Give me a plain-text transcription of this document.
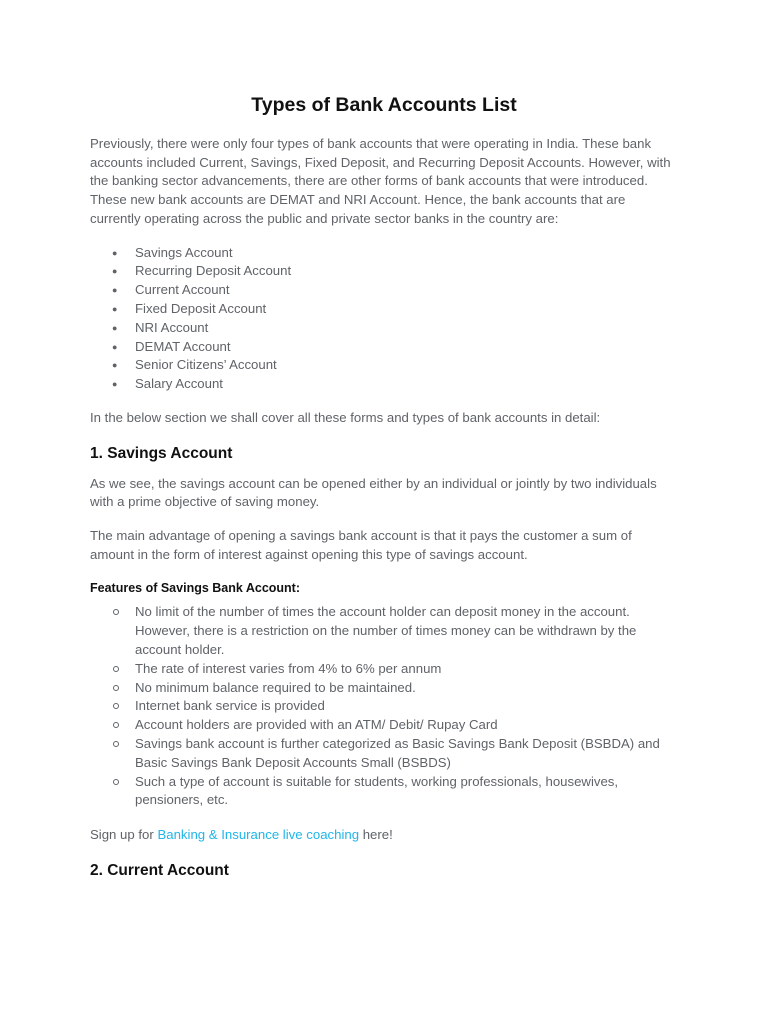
Types of Bank Accounts List

Previously, there were only four types of bank accounts that were operating in India. These bank accounts included Current, Savings, Fixed Deposit, and Recurring Deposit Accounts. However, with the banking sector advancements, there are other forms of bank accounts that were introduced. These new bank accounts are DEMAT and NRI Account. Hence, the bank accounts that are currently operating across the public and private sector banks in the country are:

● Savings Account
● Recurring Deposit Account
● Current Account
● Fixed Deposit Account
● NRI Account
● DEMAT Account
● Senior Citizens’ Account
● Salary Account

In the below section we shall cover all these forms and types of bank accounts in detail:

1. Savings Account

As we see, the savings account can be opened either by an individual or jointly by two individuals with a prime objective of saving money.

The main advantage of opening a savings bank account is that it pays the customer a sum of amount in the form of interest against opening this type of savings account.

Features of Savings Bank Account:
No limit of the number of times the account holder can deposit money in the account. However, there is a restriction on the number of times money can be withdrawn by the account holder.
The rate of interest varies from 4% to 6% per annum
No minimum balance required to be maintained.
Internet bank service is provided
Account holders are provided with an ATM/ Debit/ Rupay Card
Savings bank account is further categorized as Basic Savings Bank Deposit (BSBDA) and Basic Savings Bank Deposit Accounts Small (BSBDS)
Such a type of account is suitable for students, working professionals, housewives, pensioners, etc.

Sign up for Banking & Insurance live coaching here!

2. Current Account
